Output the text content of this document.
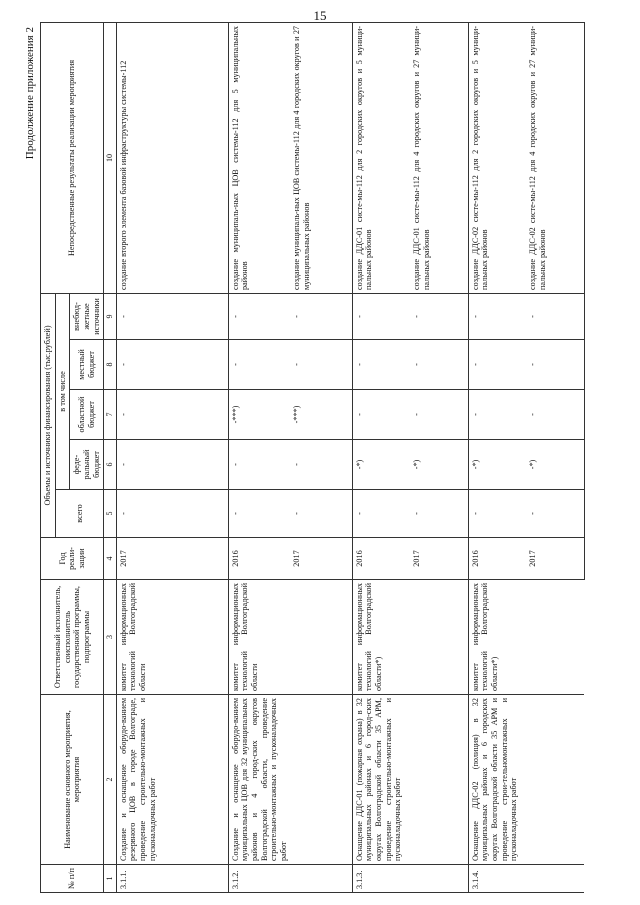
15
Продолжение приложения 2
№ п/п	Наименование основного мероприятия, мероприятия	Ответственный исполнитель, соисполнитель государственной программы, подпрограммы	Год реали-зации	Объемы и источники финансирования (тыс.рублей)					Непосредственные результаты реализации мероприятия
				всего	в том числе				
					феде-ральный бюджет	областной бюджет	местный бюджет	внебюд-жетные источники	
1	2	3	4	5	6	7	8	9	10
3.1.1.	Создание и оснащение оборудо-ванием резервного ЦОВ в городе Волгограде, проведение строительно-монтажных и пусконаладочных работ	комитет информационных технологий Волгоградской области	2017	-	-	-	-	-	создание второго элемента базовой инфраструктуры системы-112
3.1.2.	Создание и оснащение оборудо-ванием муниципальных ЦОВ для 32 муниципальных районов и 4 город-ских округов Волгоградской области, проведение строительно-монтажных и пусконаладочных работ	комитет информационных технологий Волгоградской области	2016	-	-	-***)	-	-	создание муниципаль-ных ЦОВ системы-112 для 5 муниципальных районов
			2017	-	-	-***)	-	-	создание муниципаль-ных ЦОВ системы-112 для 4 городских округов и 27 муниципальных районов
3.1.3.	Оснащение ДДС-01 (пожарная охрана) в 32 муниципальных районах и 6 город-ских округах Волгоградской области 35 АРМ, проведение строительно-монтажных и пусконаладочных работ	комитет информационных технологий Волгоградской области*)	2016	-	-*)	-	-	-	создание ДДС-01 систе-мы-112 для 2 городских округов и 5 муници-пальных районов
			2017	-	-*)	-	-	-	создание ДДС-01 систе-мы-112 для 4 городских округов и 27 муници-пальных районов
3.1.4.	Оснащение ДДС-02 (полиция) в 32 муниципальных районах и 6 городских округах Волгоградской области 35 АРМ и проведение строи-тельномонтажных и пусконаладочных работ	комитет информационных технологий Волгоградской области*)	2016	-	-*)	-	-	-	создание ДДС-02 систе-мы-112 для 2 городских округов и 5 муници-пальных районов
			2017	-	-*)	-	-	-	создание ДДС-02 систе-мы-112 для 4 городских округов и 27 муници-пальных районов
